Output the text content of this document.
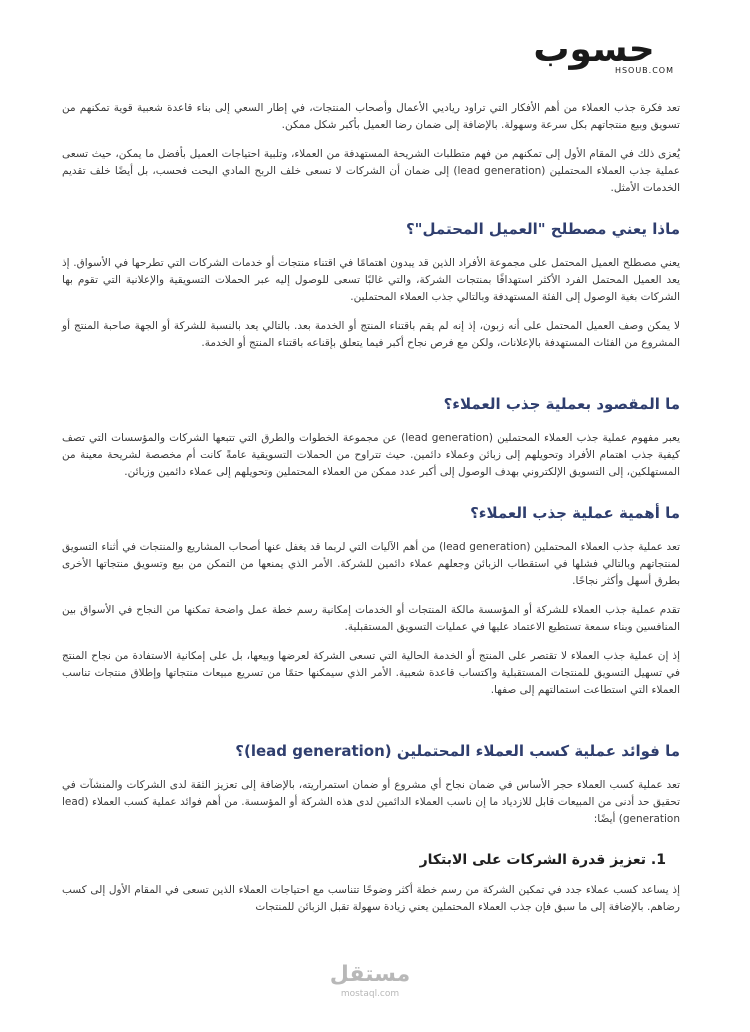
حسوب
HSOUB.COM

تعد فكرة جذب العملاء من أهم الأفكار التي تراود رياديي الأعمال وأصحاب المنتجات، في إطار السعي إلى بناء قاعدة شعبية قوية تمكنهم من تسويق وبيع منتجاتهم بكل سرعة وسهولة. بالإضافة إلى ضمان رضا العميل بأكبر شكل ممكن.

يُعزى ذلك في المقام الأول إلى تمكنهم من فهم متطلبات الشريحة المستهدفة من العملاء، وتلبية احتياجات العميل بأفضل ما يمكن، حيث تسعى عملية جذب العملاء المحتملين (lead generation) إلى ضمان أن الشركات لا تسعى خلف الربح المادي البحت فحسب، بل أيضًا خلف تقديم الخدمات الأمثل.

ماذا يعني مصطلح "العميل المحتمل"؟

يعني مصطلح العميل المحتمل على مجموعة الأفراد الذين قد يبدون اهتمامًا في اقتناء منتجات أو خدمات الشركات التي تطرحها في الأسواق. إذ يعد العميل المحتمل الفرد الأكثر استهدافًا بمنتجات الشركة، والتي غالبًا تسعى للوصول إليه عبر الحملات التسويقية والإعلانية التي تقوم بها الشركات بغية الوصول إلى الفئة المستهدفة وبالتالي جذب العملاء المحتملين.

لا يمكن وصف العميل المحتمل على أنه زبون، إذ إنه لم يقم باقتناء المنتج أو الخدمة بعد. بالتالي يعد بالنسبة للشركة أو الجهة صاحبة المنتج أو المشروع من الفئات المستهدفة بالإعلانات، ولكن مع فرص نجاح أكبر فيما يتعلق بإقناعه باقتناء المنتج أو الخدمة.

ما المقصود بعملية جذب العملاء؟

يعبر مفهوم عملية جذب العملاء المحتملين (lead generation) عن مجموعة الخطوات والطرق التي تتبعها الشركات والمؤسسات التي تصف كيفية جذب اهتمام الأفراد وتحويلهم إلى زبائن وعملاء دائمين. حيث تتراوح من الحملات التسويقية عامةً كانت أم مخصصة لشريحة معينة من المستهلكين، إلى التسويق الإلكتروني بهدف الوصول إلى أكبر عدد ممكن من العملاء المحتملين وتحويلهم إلى عملاء دائمين وزبائن.

ما أهمية عملية جذب العملاء؟

تعد عملية جذب العملاء المحتملين (lead generation) من أهم الآليات التي لربما قد يغفل عنها أصحاب المشاريع والمنتجات في أثناء التسويق لمنتجاتهم وبالتالي فشلها في استقطاب الزبائن وجعلهم عملاء دائمين للشركة. الأمر الذي يمنعها من التمكن من بيع وتسويق منتجاتها الأخرى بطرق أسهل وأكثر نجاحًا.

تقدم عملية جذب العملاء للشركة أو المؤسسة مالكة المنتجات أو الخدمات إمكانية رسم خطة عمل واضحة تمكنها من النجاح في الأسواق بين المنافسين وبناء سمعة تستطيع الاعتماد عليها في عمليات التسويق المستقبلية.

إذ إن عملية جذب العملاء لا تقتصر على المنتج أو الخدمة الحالية التي تسعى الشركة لعرضها وبيعها، بل على إمكانية الاستفادة من نجاح المنتج في تسهيل التسويق للمنتجات المستقبلية واكتساب قاعدة شعبية. الأمر الذي سيمكنها حتمًا من تسريع مبيعات منتجاتها وإطلاق منتجات تناسب العملاء التي استطاعت استمالتهم إلى صفها.

ما فوائد عملية كسب العملاء المحتملين (lead generation)؟

تعد عملية كسب العملاء حجر الأساس في ضمان نجاح أي مشروع أو ضمان استمراريته، بالإضافة إلى تعزيز الثقة لدى الشركات والمنشآت في تحقيق حد أدنى من المبيعات قابل للازدياد ما إن ناسب العملاء الدائمين لدى هذه الشركة أو المؤسسة. من أهم فوائد عملية كسب العملاء (lead generation) أيضًا:

1. تعزيز قدرة الشركات على الابتكار

إذ يساعد كسب عملاء جدد في تمكين الشركة من رسم خطة أكثر وضوحًا تتناسب مع احتياجات العملاء الذين تسعى في المقام الأول إلى كسب رضاهم. بالإضافة إلى ما سبق فإن جذب العملاء المحتملين يعني زيادة سهولة تقبل الزبائن للمنتجات

مستقل
mostaql.com
